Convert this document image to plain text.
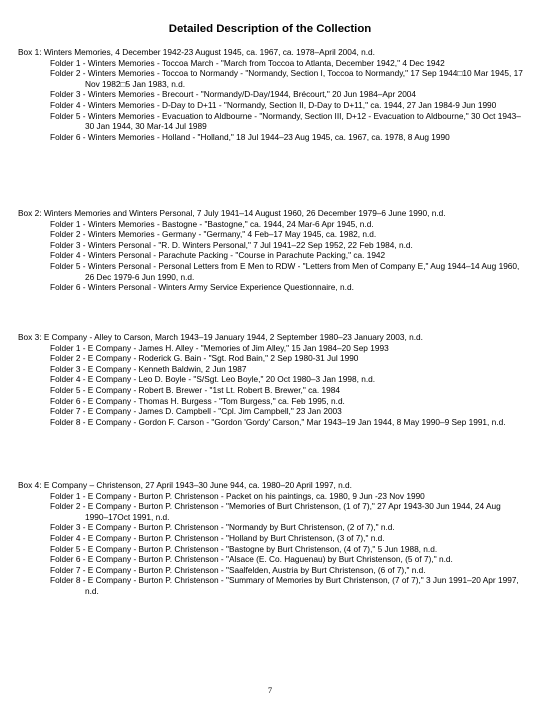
Detailed Description of the Collection
Box 1: Winters Memories, 4 December 1942-23 August 1945, ca. 1967, ca. 1978–April 2004, n.d.
Folder 1 - Winters Memories - Toccoa March - "March from Toccoa to Atlanta, December 1942," 4 Dec 1942
Folder 2 - Winters Memories - Toccoa to Normandy - "Normandy, Section I, Toccoa to Normandy," 17 Sep 1944□10 Mar 1945, 17 Nov 1982□5 Jan 1983, n.d.
Folder 3 - Winters Memories - Brecourt - "Normandy/D-Day/1944, Brécourt," 20 Jun 1984–Apr 2004
Folder 4 - Winters Memories - D-Day to D+11 - "Normandy, Section II, D-Day to D+11," ca. 1944, 27 Jan 1984-9 Jun 1990
Folder 5 - Winters Memories - Evacuation to Aldbourne - "Normandy, Section III, D+12 - Evacuation to Aldbourne," 30 Oct 1943–30 Jan 1944, 30 Mar-14 Jul 1989
Folder 6 - Winters Memories - Holland - "Holland," 18 Jul 1944–23 Aug 1945, ca. 1967, ca. 1978, 8 Aug 1990
Box 2: Winters Memories and Winters Personal, 7 July 1941–14 August 1960, 26 December 1979–6 June 1990, n.d.
Folder 1 - Winters Memories - Bastogne - "Bastogne," ca. 1944, 24 Mar-6 Apr 1945, n.d.
Folder 2 - Winters Memories - Germany - "Germany," 4 Feb–17 May 1945, ca. 1982, n.d.
Folder 3 - Winters Personal - "R. D. Winters Personal," 7 Jul 1941–22 Sep 1952, 22 Feb 1984, n.d.
Folder 4 - Winters Personal - Parachute Packing - "Course in Parachute Packing," ca. 1942
Folder 5 - Winters Personal - Personal Letters from E Men to RDW - "Letters from Men of Company E," Aug 1944–14 Aug 1960, 26 Dec 1979-6 Jun 1990, n.d.
Folder 6 - Winters Personal - Winters Army Service Experience Questionnaire, n.d.
Box 3: E Company - Alley to Carson, March 1943–19 January 1944, 2 September 1980–23 January 2003, n.d.
Folder 1 - E Company - James H. Alley - "Memories of Jim Alley," 15 Jan 1984–20 Sep 1993
Folder 2 - E Company - Roderick G. Bain - "Sgt. Rod Bain," 2 Sep 1980-31 Jul 1990
Folder 3 - E Company - Kenneth Baldwin, 2 Jun 1987
Folder 4 - E Company - Leo D. Boyle - "S/Sgt. Leo Boyle," 20 Oct 1980–3 Jan 1998, n.d.
Folder 5 - E Company - Robert B. Brewer - "1st Lt. Robert B. Brewer," ca. 1984
Folder 6 - E Company - Thomas H. Burgess - "Tom Burgess," ca. Feb 1995, n.d.
Folder 7 - E Company - James D. Campbell - "Cpl. Jim Campbell," 23 Jan 2003
Folder 8 - E Company - Gordon F. Carson - "Gordon 'Gordy' Carson," Mar 1943–19 Jan 1944, 8 May 1990–9 Sep 1991, n.d.
Box 4: E Company – Christenson, 27 April 1943–30 June 944, ca. 1980–20 April 1997, n.d.
Folder 1 - E Company - Burton P. Christenson - Packet on his paintings, ca. 1980, 9 Jun -23 Nov 1990
Folder 2 - E Company - Burton P. Christenson - "Memories of Burt Christenson, (1 of 7)," 27 Apr 1943-30 Jun 1944, 24 Aug 1990–17Oct 1991, n.d.
Folder 3 - E Company - Burton P. Christenson - "Normandy by Burt Christenson, (2 of 7)," n.d.
Folder 4 - E Company - Burton P. Christenson - "Holland by Burt Christenson, (3 of 7)," n.d.
Folder 5 - E Company - Burton P. Christenson - "Bastogne by Burt Christenson, (4 of 7)," 5 Jun 1988, n.d.
Folder 6 - E Company - Burton P. Christenson - "Alsace (E. Co. Haguenau) by Burt Christenson, (5 of 7)," n.d.
Folder 7 - E Company - Burton P. Christenson - "Saalfelden, Austria by Burt Christenson, (6 of 7)," n.d.
Folder 8 - E Company - Burton P. Christenson - "Summary of Memories by Burt Christenson, (7 of 7)," 3 Jun 1991–20 Apr 1997, n.d.
7
